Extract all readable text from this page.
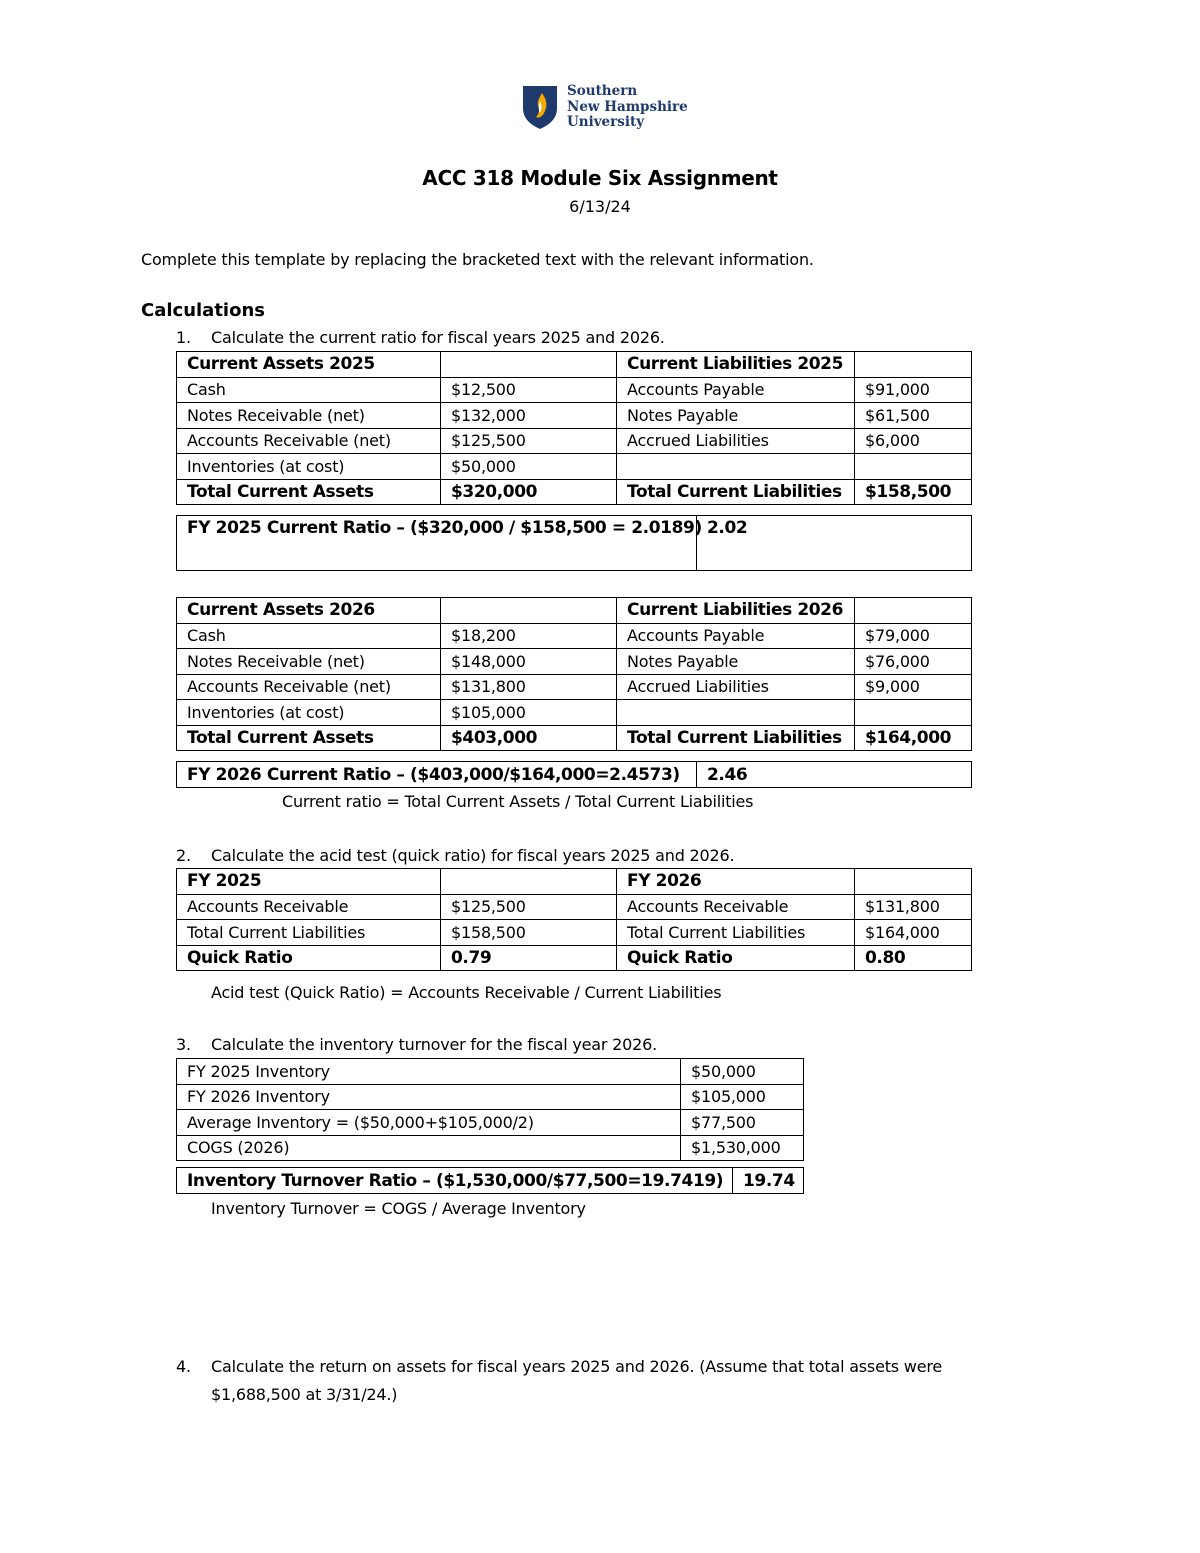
Southern
New Hampshire
University
ACC 318 Module Six Assignment
6/13/24
Complete this template by replacing the bracketed text with the relevant information.
Calculations
1. Calculate the current ratio for fiscal years 2025 and 2026.
Current Assets 2025		Current Liabilities 2025	
Cash	$12,500	Accounts Payable	$91,000
Notes Receivable (net)	$132,000	Notes Payable	$61,500
Accounts Receivable (net)	$125,500	Accrued Liabilities	$6,000
Inventories (at cost)	$50,000		
Total Current Assets	$320,000	Total Current Liabilities	$158,500
FY 2025 Current Ratio – ($320,000 / $158,500 = 2.0189)	2.02
Current Assets 2026		Current Liabilities 2026	
Cash	$18,200	Accounts Payable	$79,000
Notes Receivable (net)	$148,000	Notes Payable	$76,000
Accounts Receivable (net)	$131,800	Accrued Liabilities	$9,000
Inventories (at cost)	$105,000		
Total Current Assets	$403,000	Total Current Liabilities	$164,000
FY 2026 Current Ratio – ($403,000/$164,000=2.4573)	2.46
Current ratio = Total Current Assets / Total Current Liabilities
2. Calculate the acid test (quick ratio) for fiscal years 2025 and 2026.
FY 2025		FY 2026	
Accounts Receivable	$125,500	Accounts Receivable	$131,800
Total Current Liabilities	$158,500	Total Current Liabilities	$164,000
Quick Ratio	0.79	Quick Ratio	0.80
Acid test (Quick Ratio) = Accounts Receivable / Current Liabilities
3. Calculate the inventory turnover for the fiscal year 2026.
FY 2025 Inventory	$50,000
FY 2026 Inventory	$105,000
Average Inventory = ($50,000+$105,000/2)	$77,500
COGS (2026)	$1,530,000
Inventory Turnover Ratio – ($1,530,000/$77,500=19.7419)	19.74
Inventory Turnover = COGS / Average Inventory
4. Calculate the return on assets for fiscal years 2025 and 2026. (Assume that total assets were
$1,688,500 at 3/31/24.)
